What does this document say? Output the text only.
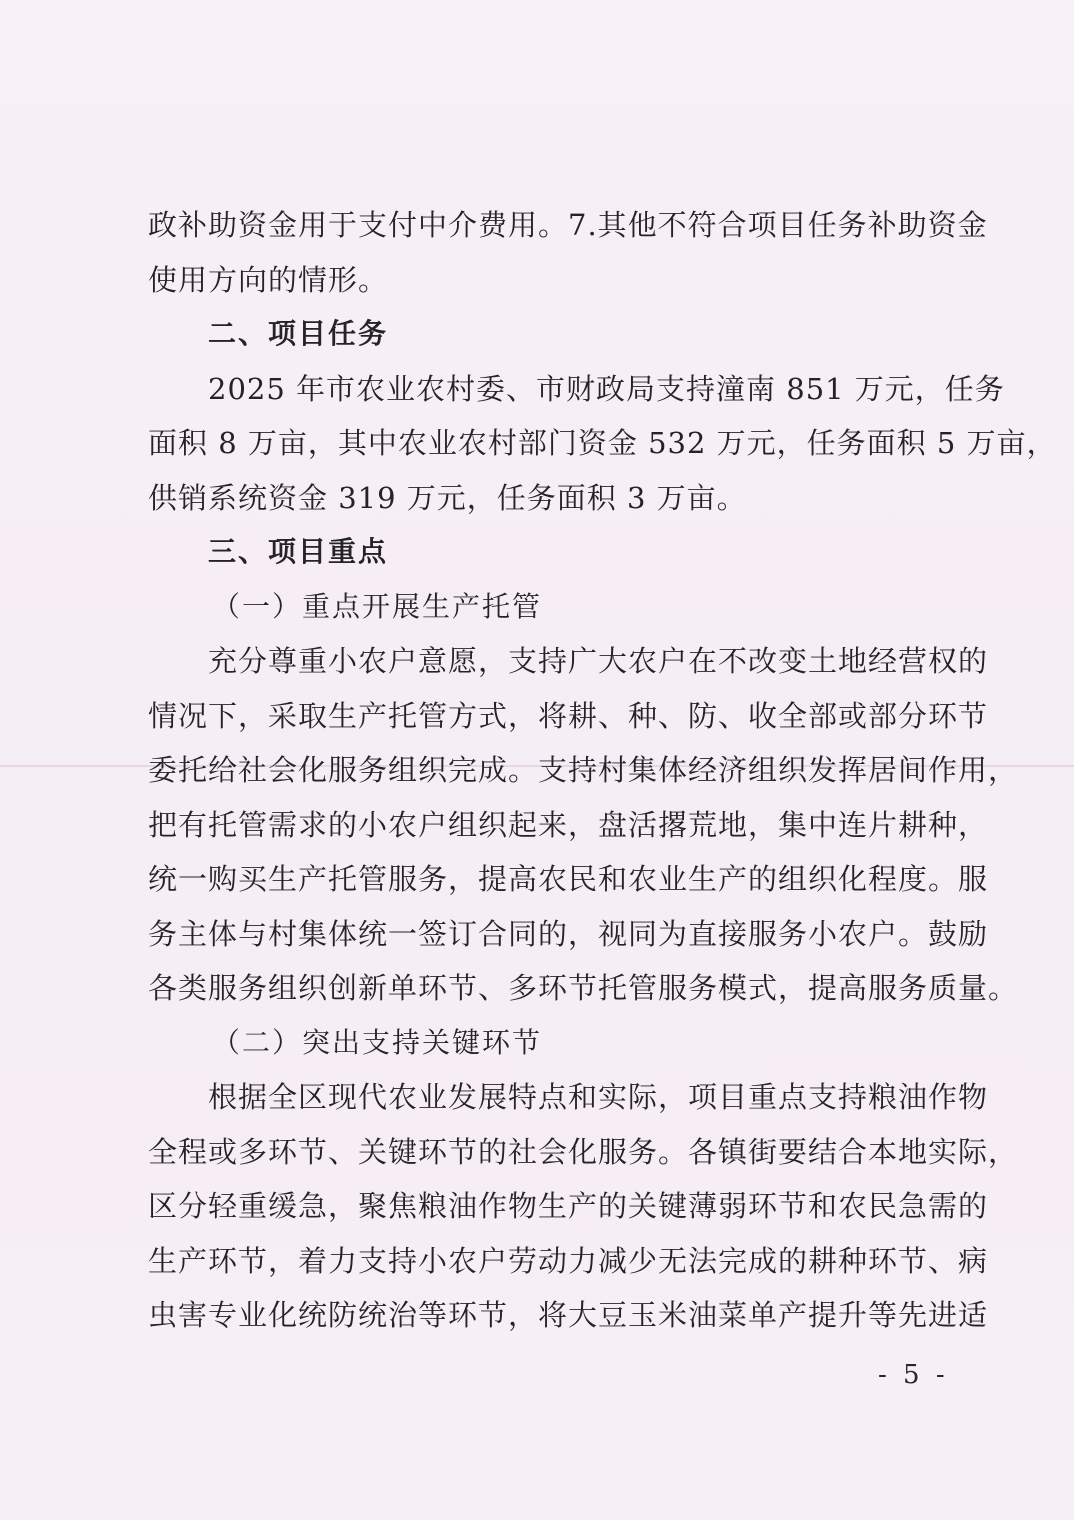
政补助资金用于支付中介费用。7.其他不符合项目任务补助资金
使用方向的情形。
二、项目任务
2025 年市农业农村委、市财政局支持潼南 851 万元，任务
面积 8 万亩，其中农业农村部门资金 532 万元，任务面积 5 万亩，
供销系统资金 319 万元，任务面积 3 万亩。
三、项目重点
（一）重点开展生产托管
充分尊重小农户意愿，支持广大农户在不改变土地经营权的
情况下，采取生产托管方式，将耕、种、防、收全部或部分环节
委托给社会化服务组织完成。支持村集体经济组织发挥居间作用，
把有托管需求的小农户组织起来，盘活撂荒地，集中连片耕种，
统一购买生产托管服务，提高农民和农业生产的组织化程度。服
务主体与村集体统一签订合同的，视同为直接服务小农户。鼓励
各类服务组织创新单环节、多环节托管服务模式，提高服务质量。
（二）突出支持关键环节
根据全区现代农业发展特点和实际，项目重点支持粮油作物
全程或多环节、关键环节的社会化服务。各镇街要结合本地实际，
区分轻重缓急，聚焦粮油作物生产的关键薄弱环节和农民急需的
生产环节，着力支持小农户劳动力减少无法完成的耕种环节、病
虫害专业化统防统治等环节，将大豆玉米油菜单产提升等先进适
- 5 -
